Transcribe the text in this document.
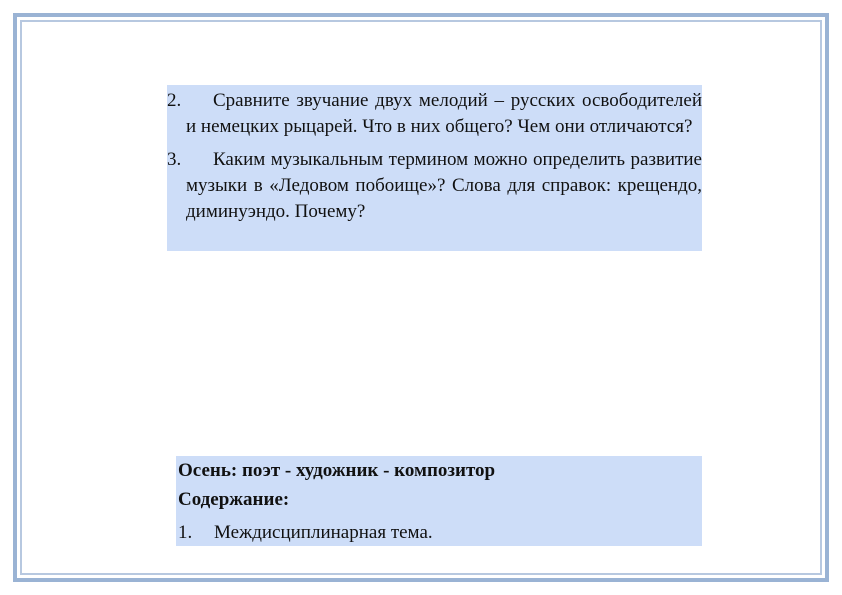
2.	Сравните звучание двух мелодий – русских освободителей и немецких рыцарей. Что в них общего? Чем они отличаются?
3.	Каким музыкальным термином можно определить развитие музыки в «Ледовом побоище»? Слова для справок: крещендо, диминуэндо. Почему?
Осень: поэт - художник - композитор
Содержание:
1.	Междисциплинарная тема.
